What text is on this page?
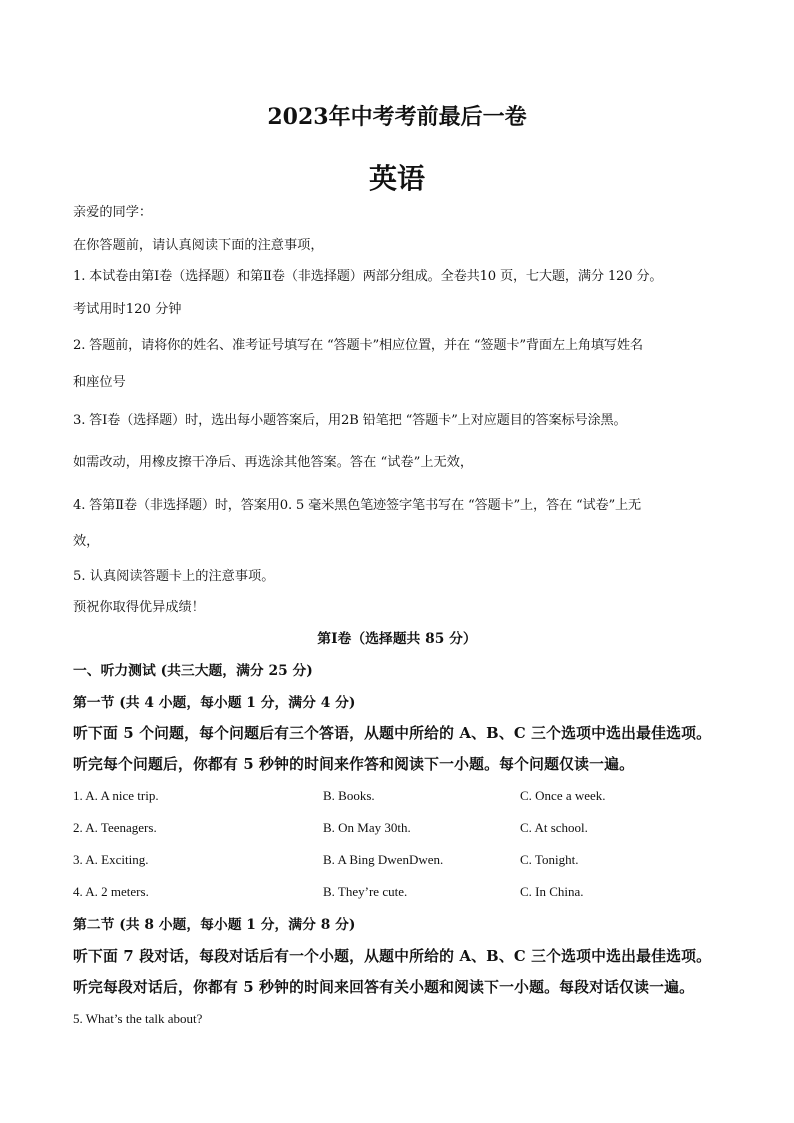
2023年中考考前最后一卷
英语
亲爱的同学：
在你答题前，请认真阅读下面的注意事项，
1. 本试卷由第Ⅰ卷（选择题）和第Ⅱ卷（非选择题）两部分组成。全卷共10 页，七大题，满分 120 分。
考试用时120 分钟
2. 答题前，请将你的姓名、准考证号填写在 “答题卡”相应位置，并在 “签题卡”背面左上角填写姓名
和座位号
3. 答Ⅰ卷（选择题）时，选出每小题答案后，用2B 铅笔把 “答题卡”上对应题目的答案标号涂黑。
如需改动，用橡皮擦干净后、再选涂其他答案。答在 “试卷”上无效，
4. 答第Ⅱ卷（非选择题）时，答案用0. 5 毫米黑色笔迹签字笔书写在 “答题卡”上，答在 “试卷”上无
效，
5. 认真阅读答题卡上的注意事项。
预祝你取得优异成绩！
第Ⅰ卷（选择题共 85 分）
一、听力测试 (共三大题，满分 25 分)
第一节 (共 4 小题，每小题 1 分，满分 4 分)
听下面 5 个问题，每个问题后有三个答语，从题中所给的 A、B、C 三个选项中选出最佳选项。
听完每个问题后，你都有 5 秒钟的时间来作答和阅读下一小题。每个问题仅读一遍。
1. A. A nice trip.	B. Books.	C. Once a week.
2. A. Teenagers.	B. On May 30th.	C. At school.
3. A. Exciting.	B. A Bing DwenDwen.	C. Tonight.
4. A. 2 meters.	B. They’re cute.	C. In China.
第二节 (共 8 小题，每小题 1 分，满分 8 分)
听下面 7 段对话，每段对话后有一个小题，从题中所给的 A、B、C 三个选项中选出最佳选项。
听完每段对话后，你都有 5 秒钟的时间来回答有关小题和阅读下一小题。每段对话仅读一遍。
5. What’s the talk about?
